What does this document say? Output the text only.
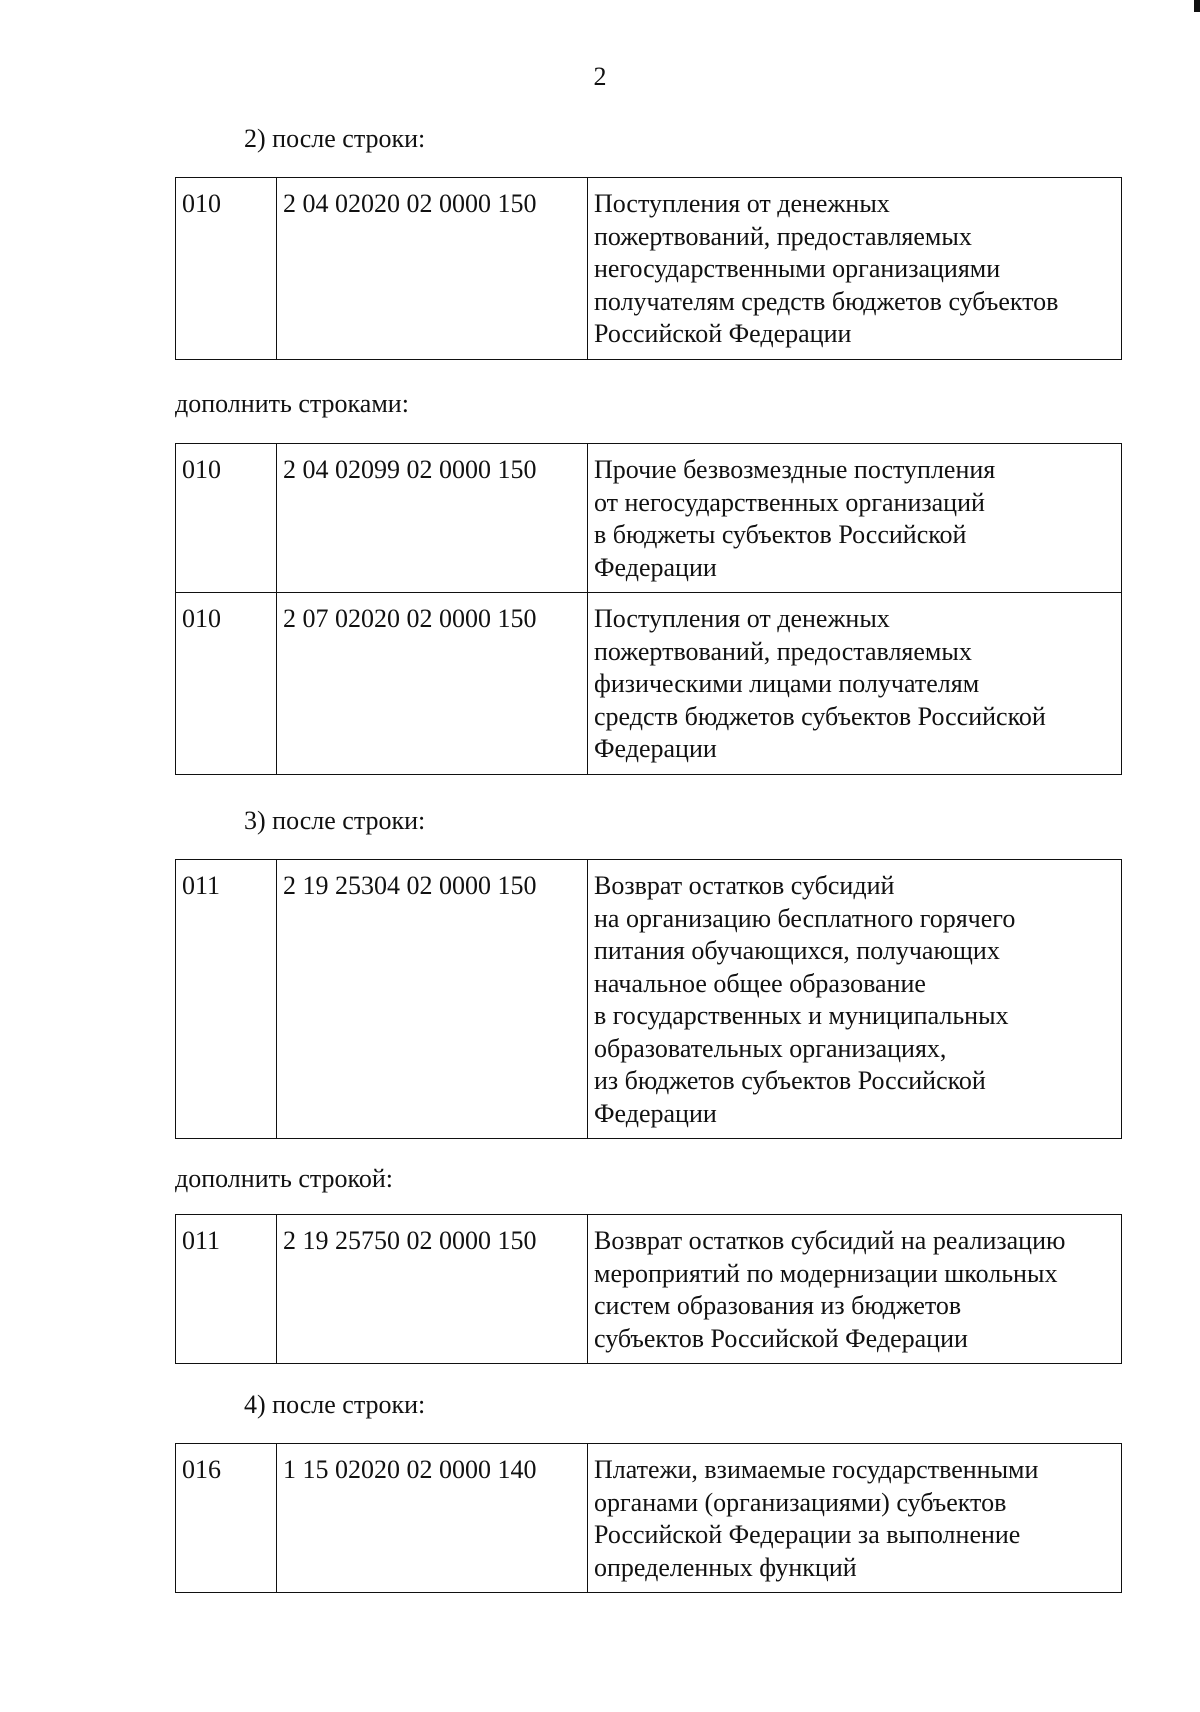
2
2) после строки:
010	2 04 02020 02 0000 150	Поступления от денежных
пожертвований, предоставляемых
негосударственными организациями
получателям средств бюджетов субъектов
Российской Федерации
дополнить строками:
010	2 04 02099 02 0000 150	Прочие безвозмездные поступления
от негосударственных организаций
в бюджеты субъектов Российской
Федерации

010	2 07 02020 02 0000 150	Поступления от денежных
пожертвований, предоставляемых
физическими лицами получателям
средств бюджетов субъектов Российской
Федерации
3) после строки:
011	2 19 25304 02 0000 150	Возврат остатков субсидий
на организацию бесплатного горячего
питания обучающихся, получающих
начальное общее образование
в государственных и муниципальных
образовательных организациях,
из бюджетов субъектов Российской
Федерации
дополнить строкой:
011	2 19 25750 02 0000 150	Возврат остатков субсидий на реализацию
мероприятий по модернизации школьных
систем образования из бюджетов
субъектов Российской Федерации
4) после строки:
016	1 15 02020 02 0000 140	Платежи, взимаемые государственными
органами (организациями) субъектов
Российской Федерации за выполнение
определенных функций
